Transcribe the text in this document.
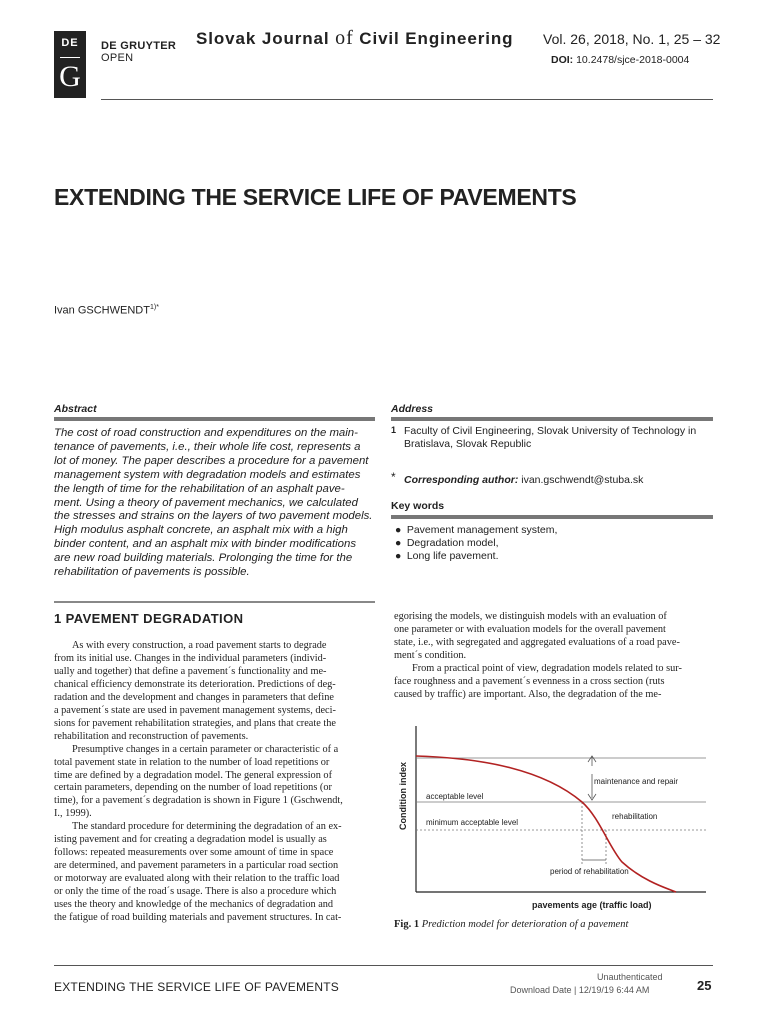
DE
G
DE GRUYTER
OPEN
Slovak Journal of Civil Engineering Vol. 26, 2018, No. 1, 25 – 32
DOI: 10.2478/sjce-2018-0004
EXTENDING THE SERVICE LIFE OF PAVEMENTS
Ivan $GSCHWENDT^{1)*}$
Abstract
The cost of road construction and expenditures on the main-
tenance of pavements, i.e., their whole life cost, represents a
lot of money. The paper describes a procedure for a pavement
management system with degradation models and estimates
the length of time for the rehabilitation of an asphalt pave-
ment. Using a theory of pavement mechanics, we calculated
the stresses and strains on the layers of two pavement models.
High modulus asphalt concrete, an asphalt mix with a high
binder content, and an asphalt mix with binder modifications
are new road building materials. Prolonging the time for the
rehabilitation of pavements is possible.
Address
1 Faculty of Civil Engineering, Slovak University of Technology in
Bratislava, Slovak Republic
* Corresponding author: ivan.gschwendt@stuba.sk
Key words
● Pavement management system,
● Degradation model,
● Long life pavement.
1 PAVEMENT DEGRADATION
As with every construction, a road pavement starts to degrade
from its initial use. Changes in the individual parameters (individ-
ually and together) that define a pavement´s functionality and me-
chanical efficiency demonstrate its deterioration. Predictions of deg-
radation and the development and changes in parameters that define
a pavement´s state are used in pavement management systems, deci-
sions for pavement rehabilitation strategies, and plans that create the
rehabilitation and reconstruction of pavements.
Presumptive changes in a certain parameter or characteristic of a
total pavement state in relation to the number of load repetitions or
time are defined by a degradation model. The general expression of
certain parameters, depending on the number of load repetitions (or
time), for a pavement´s degradation is shown in Figure 1 (Gschwendt,
I., 1999).
The standard procedure for determining the degradation of an ex-
isting pavement and for creating a degradation model is usually as
follows: repeated measurements over some amount of time in space
are determined, and pavement parameters in a particular road section
or motorway are evaluated along with their relation to the traffic load
or only the time of the road´s usage. There is also a procedure which
uses the theory and knowledge of the mechanics of degradation and
the fatigue of road building materials and pavement structures. In cat-
egorising the models, we distinguish models with an evaluation of
one parameter or with evaluation models for the overall pavement
state, i.e., with segregated and aggregated evaluations of a road pave-
ment´s condition.
From a practical point of view, degradation models related to sur-
face roughness and a pavement´s evenness in a cross section (ruts
caused by traffic) are important. Also, the degradation of the me-
Condition index
pavements age (traffic load)
maintenance and repair
acceptable level
rehabilitation
minimum acceptable level
period of rehabilitation
Fig. 1 Prediction model for deterioration of a pavement
EXTENDING THE SERVICE LIFE OF PAVEMENTS
Unauthenticated
Download Date | 12/19/19 6:44 AM	25
